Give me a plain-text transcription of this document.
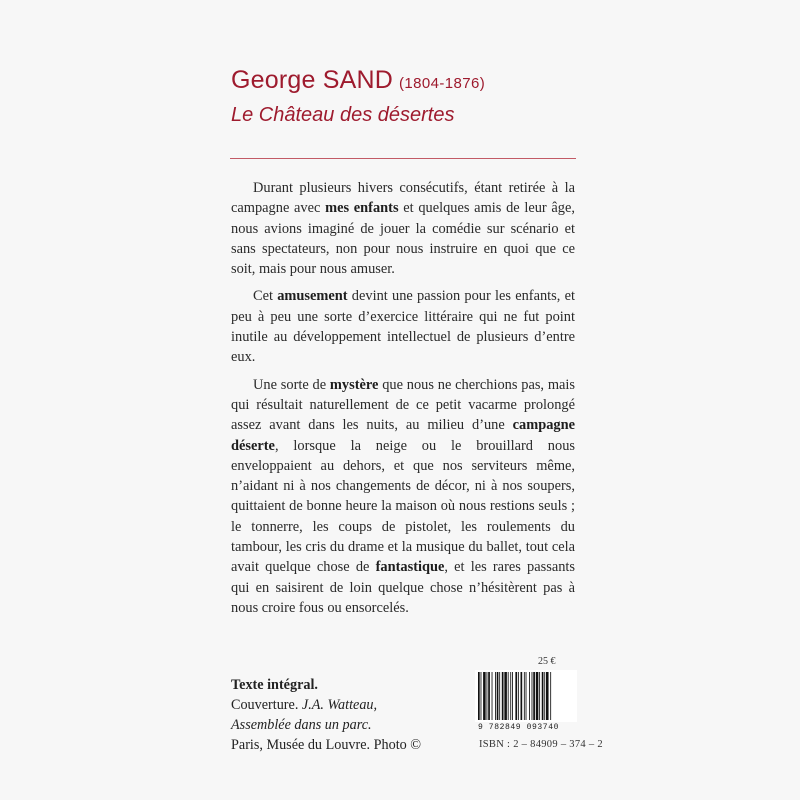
George SAND (1804-1876)
Le Château des désertes

Durant plusieurs hivers consécutifs, étant retirée à la campagne avec mes enfants et quelques amis de leur âge, nous avions imaginé de jouer la comédie sur scénario et sans spectateurs, non pour nous instruire en quoi que ce soit, mais pour nous amuser.

Cet amusement devint une passion pour les enfants, et peu à peu une sorte d’exercice littéraire qui ne fut point inutile au développement intellectuel de plusieurs d’entre eux.

Une sorte de mystère que nous ne cherchions pas, mais qui résultait naturellement de ce petit vacarme prolongé assez avant dans les nuits, au milieu d’une campagne déserte, lorsque la neige ou le brouillard nous enveloppaient au dehors, et que nos serviteurs même, n’aidant ni à nos changements de décor, ni à nos soupers, quittaient de bonne heure la maison où nous restions seuls ; le tonnerre, les coups de pistolet, les roulements du tambour, les cris du drame et la musique du ballet, tout cela avait quelque chose de fantastique, et les rares passants qui en saisirent de loin quelque chose n’hésitèrent pas à nous croire fous ou ensorcelés.

Texte intégral.
Couverture. J.A. Watteau,
Assemblée dans un parc.
Paris, Musée du Louvre. Photo ©
25 €
9 782849 093740
ISBN : 2 – 84909 – 374 – 2
